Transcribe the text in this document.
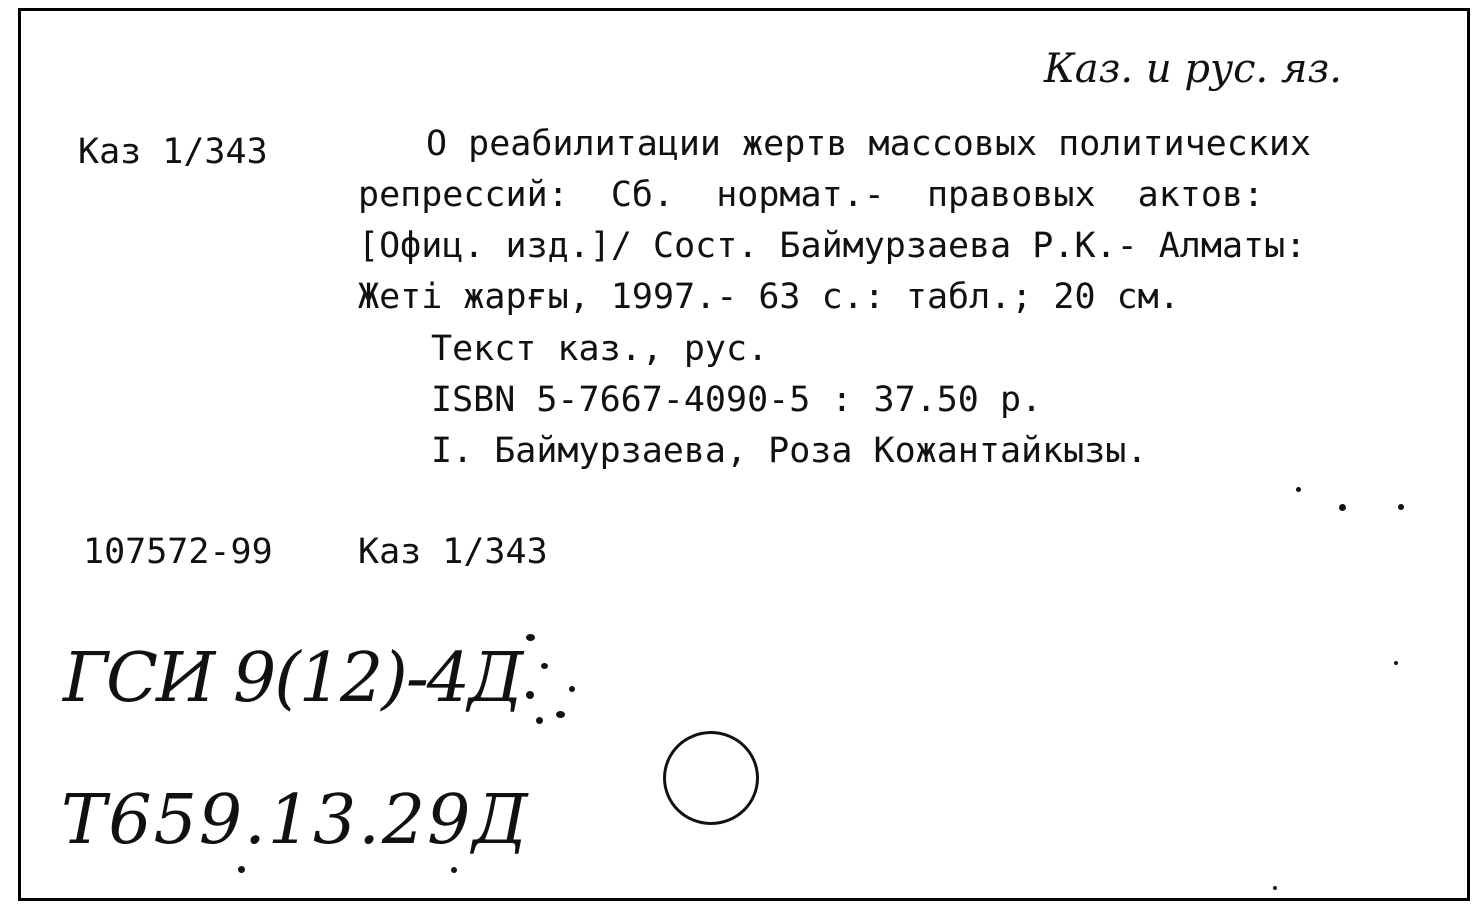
Каз. и рус. яз.
Каз 1/343	О реабилитации жертв массовых политических
репрессий:  Сб.  нормат.-  правовых  актов:
[Офиц. изд.]/ Сост. Баймурзаева Р.К.- Алматы:
Жеті жарғы, 1997.- 63 с.: табл.; 20 см.
Текст каз., рус.
ISBN 5-7667-4090-5 : 37.50 р.
I. Баймурзаева, Роза Кожантайкызы.
107572-99 Каз 1/343
ГСИ 9(12)-4Д
Т659.13.29Д
